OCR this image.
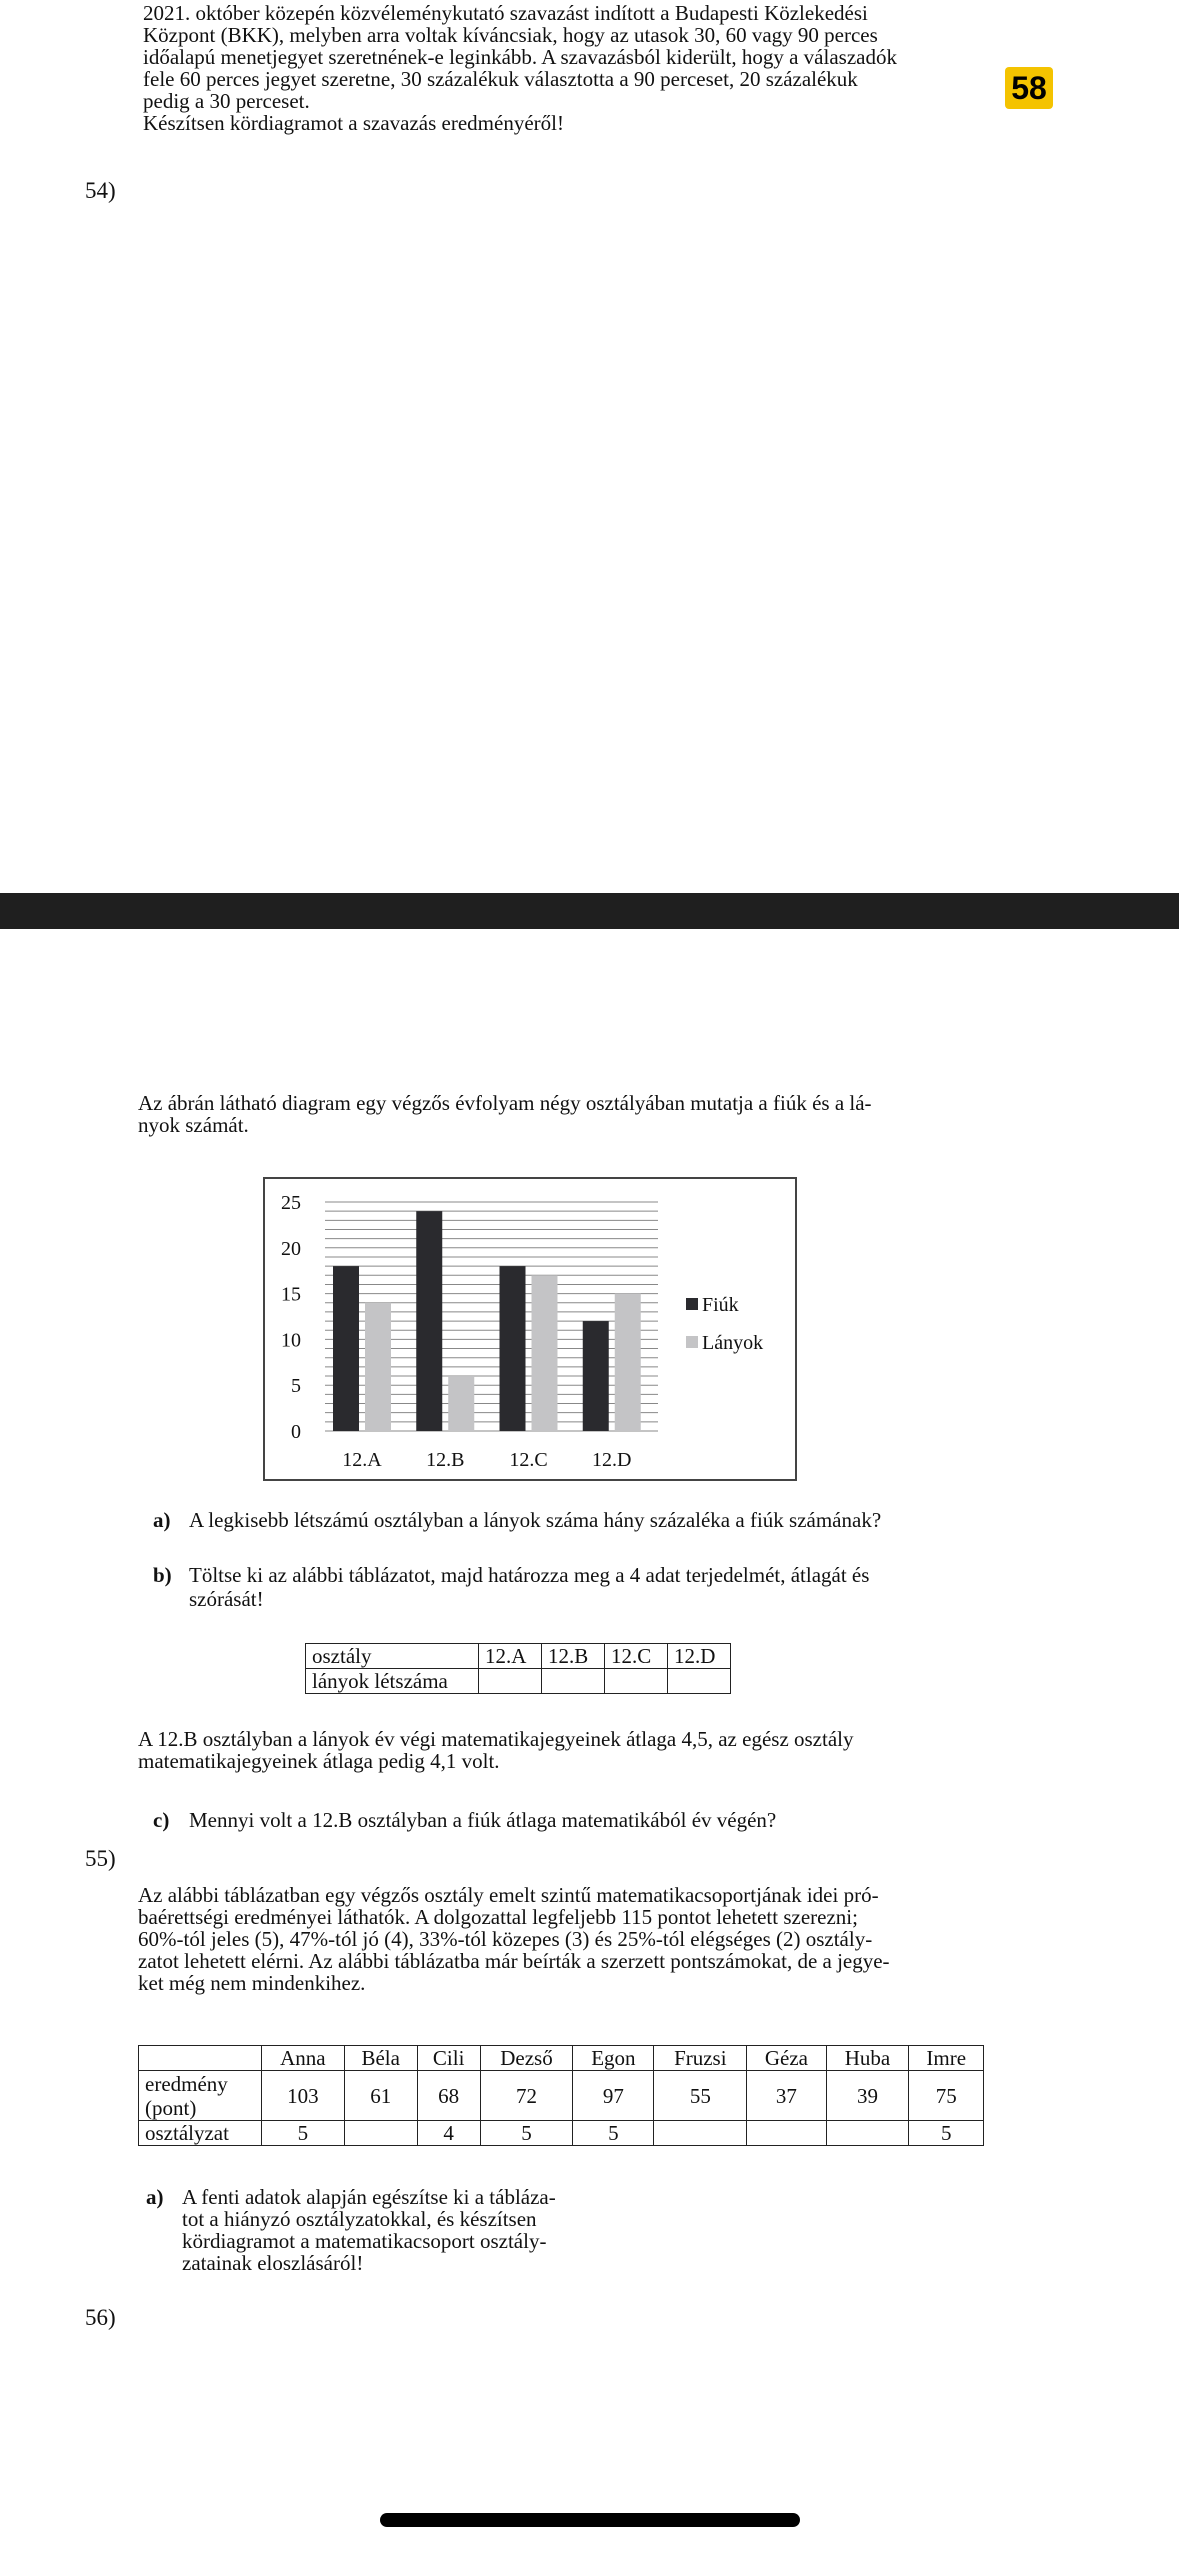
2021. október közepén közvéleménykutató szavazást indított a Budapesti Közlekedési
Központ (BKK), melyben arra voltak kíváncsiak, hogy az utasok 30, 60 vagy 90 perces
időalapú menetjegyet szeretnének-e leginkább. A szavazásból kiderült, hogy a válaszadók
fele 60 perces jegyet szeretne, 30 százalékuk választotta a 90 perceset, 20 százalékuk
pedig a 30 perceset.
Készítsen kördiagramot a szavazás eredményéről!
58
54)
Az ábrán látható diagram egy végzős évfolyam négy osztályában mutatja a fiúk és a lá-
nyok számát.
0
5
10
15
20
25
12.A 12.B 12.C 12.D
Fiúk
Lányok
a) A legkisebb létszámú osztályban a lányok száma hány százaléka a fiúk számának?
b) Töltse ki az alábbi táblázatot, majd határozza meg a 4 adat terjedelmét, átlagát és
szórását!
osztály	12.A	12.B	12.C	12.D
lányok létszáma				
A 12.B osztályban a lányok év végi matematikajegyeinek átlaga 4,5, az egész osztály
matematikajegyeinek átlaga pedig 4,1 volt.
c) Mennyi volt a 12.B osztályban a fiúk átlaga matematikából év végén?
55)
Az alábbi táblázatban egy végzős osztály emelt szintű matematikacsoportjának idei pró-
baérettségi eredményei láthatók. A dolgozattal legfeljebb 115 pontot lehetett szerezni;
60%-tól jeles (5), 47%-tól jó (4), 33%-tól közepes (3) és 25%-tól elégséges (2) osztály-
zatot lehetett elérni. Az alábbi táblázatba már beírták a szerzett pontszámokat, de a jegye-
ket még nem mindenkihez.
	Anna	Béla	Cili	Dezső	Egon	Fruzsi	Géza	Huba	Imre
eredmény
(pont)	103	61	68	72	97	55	37	39	75
osztályzat	5		4	5	5				5
a) A fenti adatok alapján egészítse ki a tábláza-
tot a hiányzó osztályzatokkal, és készítsen
kördiagramot a matematikacsoport osztály-
zatainak eloszlásáról!
56)
